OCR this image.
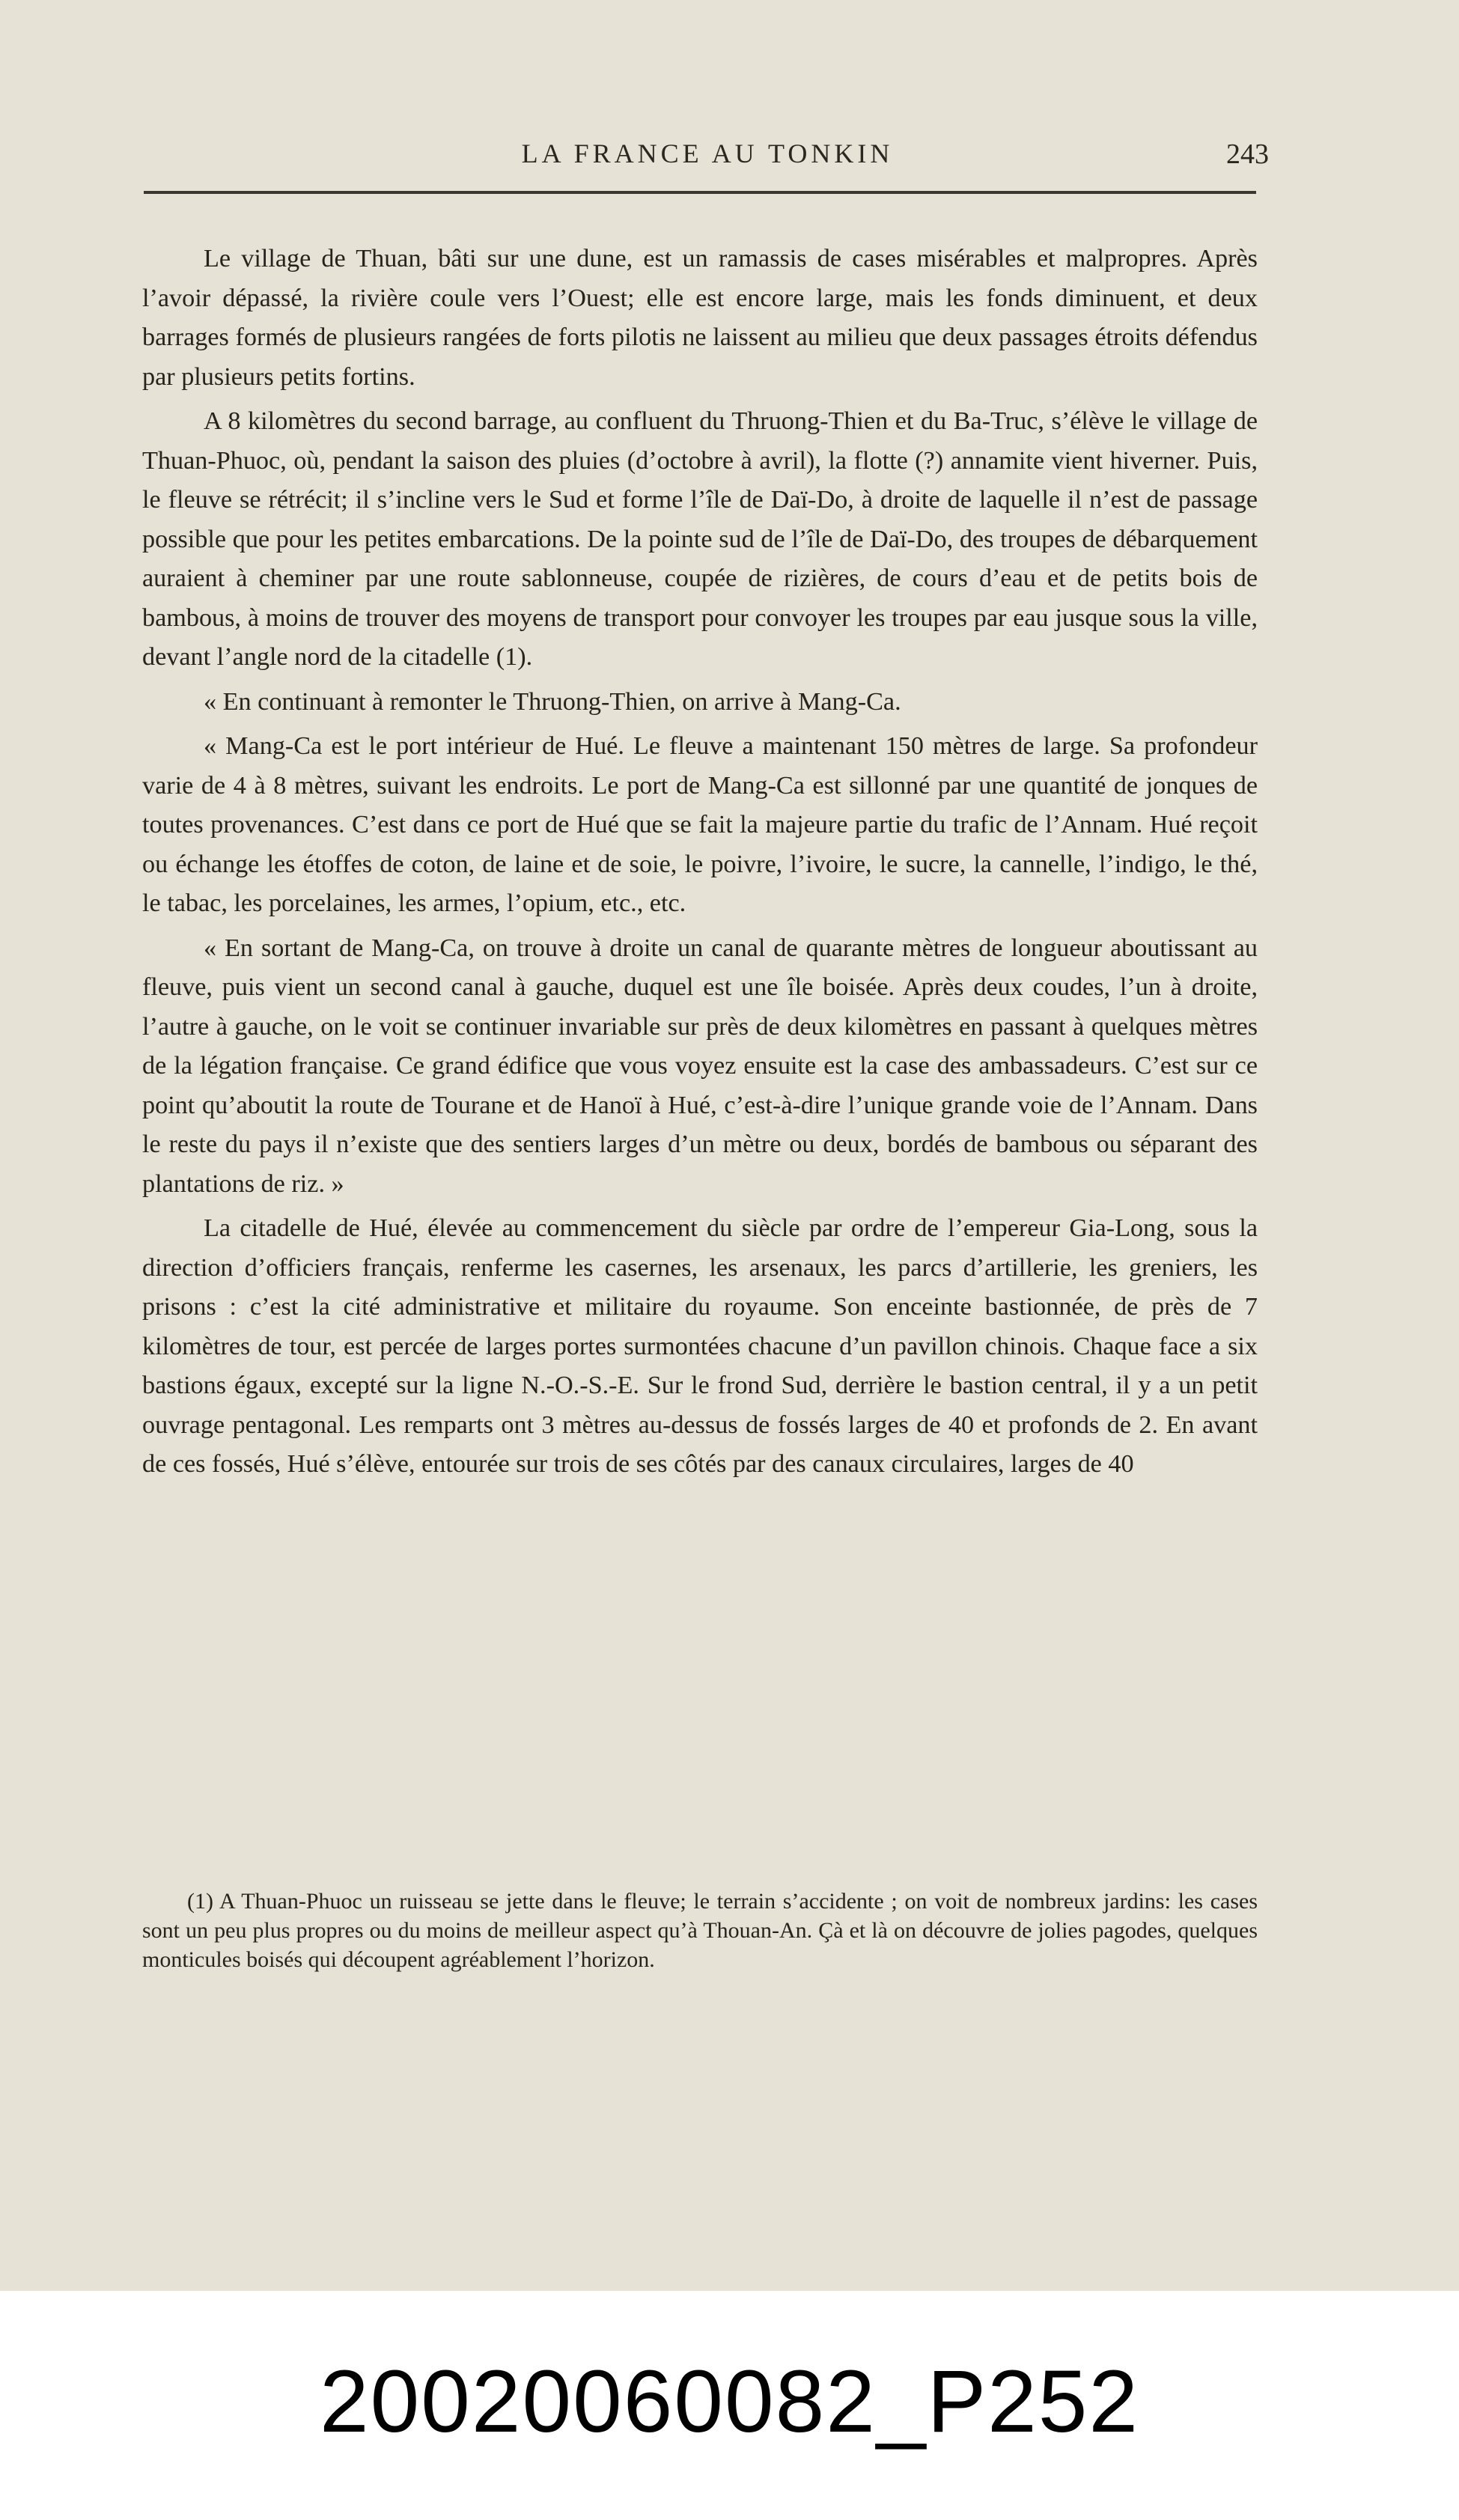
LA FRANCE AU TONKIN	243

Le village de Thuan, bâti sur une dune, est un ramassis de cases misérables et malpropres. Après l’avoir dépassé, la rivière coule vers l’Ouest; elle est encore large, mais les fonds diminuent, et deux barrages formés de plusieurs rangées de forts pilotis ne laissent au milieu que deux passages étroits défendus par plusieurs petits fortins.

A 8 kilomètres du second barrage, au confluent du Thruong-Thien et du Ba-Truc, s’élève le village de Thuan-Phuoc, où, pendant la saison des pluies (d’octobre à avril), la flotte (?) annamite vient hiverner. Puis, le fleuve se rétrécit; il s’incline vers le Sud et forme l’île de Daï-Do, à droite de laquelle il n’est de passage possible que pour les petites embarcations. De la pointe sud de l’île de Daï-Do, des troupes de débarquement auraient à cheminer par une route sablonneuse, coupée de rizières, de cours d’eau et de petits bois de bambous, à moins de trouver des moyens de transport pour convoyer les troupes par eau jusque sous la ville, devant l’angle nord de la citadelle (1).

« En continuant à remonter le Thruong-Thien, on arrive à Mang-Ca.

« Mang-Ca est le port intérieur de Hué. Le fleuve a maintenant 150 mètres de large. Sa profondeur varie de 4 à 8 mètres, suivant les endroits. Le port de Mang-Ca est sillonné par une quantité de jonques de toutes provenances. C’est dans ce port de Hué que se fait la majeure partie du trafic de l’Annam. Hué reçoit ou échange les étoffes de coton, de laine et de soie, le poivre, l’ivoire, le sucre, la cannelle, l’indigo, le thé, le tabac, les porcelaines, les armes, l’opium, etc., etc.

« En sortant de Mang-Ca, on trouve à droite un canal de quarante mètres de longueur aboutissant au fleuve, puis vient un second canal à gauche, duquel est une île boisée. Après deux coudes, l’un à droite, l’autre à gauche, on le voit se continuer invariable sur près de deux kilomètres en passant à quelques mètres de la légation française. Ce grand édifice que vous voyez ensuite est la case des ambassadeurs. C’est sur ce point qu’aboutit la route de Tourane et de Hanoï à Hué, c’est-à-dire l’unique grande voie de l’Annam. Dans le reste du pays il n’existe que des sentiers larges d’un mètre ou deux, bordés de bambous ou séparant des plantations de riz. »

La citadelle de Hué, élevée au commencement du siècle par ordre de l’empereur Gia-Long, sous la direction d’officiers français, renferme les casernes, les arsenaux, les parcs d’artillerie, les greniers, les prisons : c’est la cité administrative et militaire du royaume. Son enceinte bastionnée, de près de 7 kilomètres de tour, est percée de larges portes surmontées chacune d’un pavillon chinois. Chaque face a six bastions égaux, excepté sur la ligne N.-O.-S.-E. Sur le frond Sud, derrière le bastion central, il y a un petit ouvrage pentagonal. Les remparts ont 3 mètres au-dessus de fossés larges de 40 et profonds de 2. En avant de ces fossés, Hué s’élève, entourée sur trois de ses côtés par des canaux circulaires, larges de 40

(1) A Thuan-Phuoc un ruisseau se jette dans le fleuve; le terrain s’accidente ; on voit de nombreux jardins: les cases sont un peu plus propres ou du moins de meilleur aspect qu’à Thouan-An. Çà et là on découvre de jolies pagodes, quelques monticules boisés qui découpent agréablement l’horizon.

20020060082_P252
